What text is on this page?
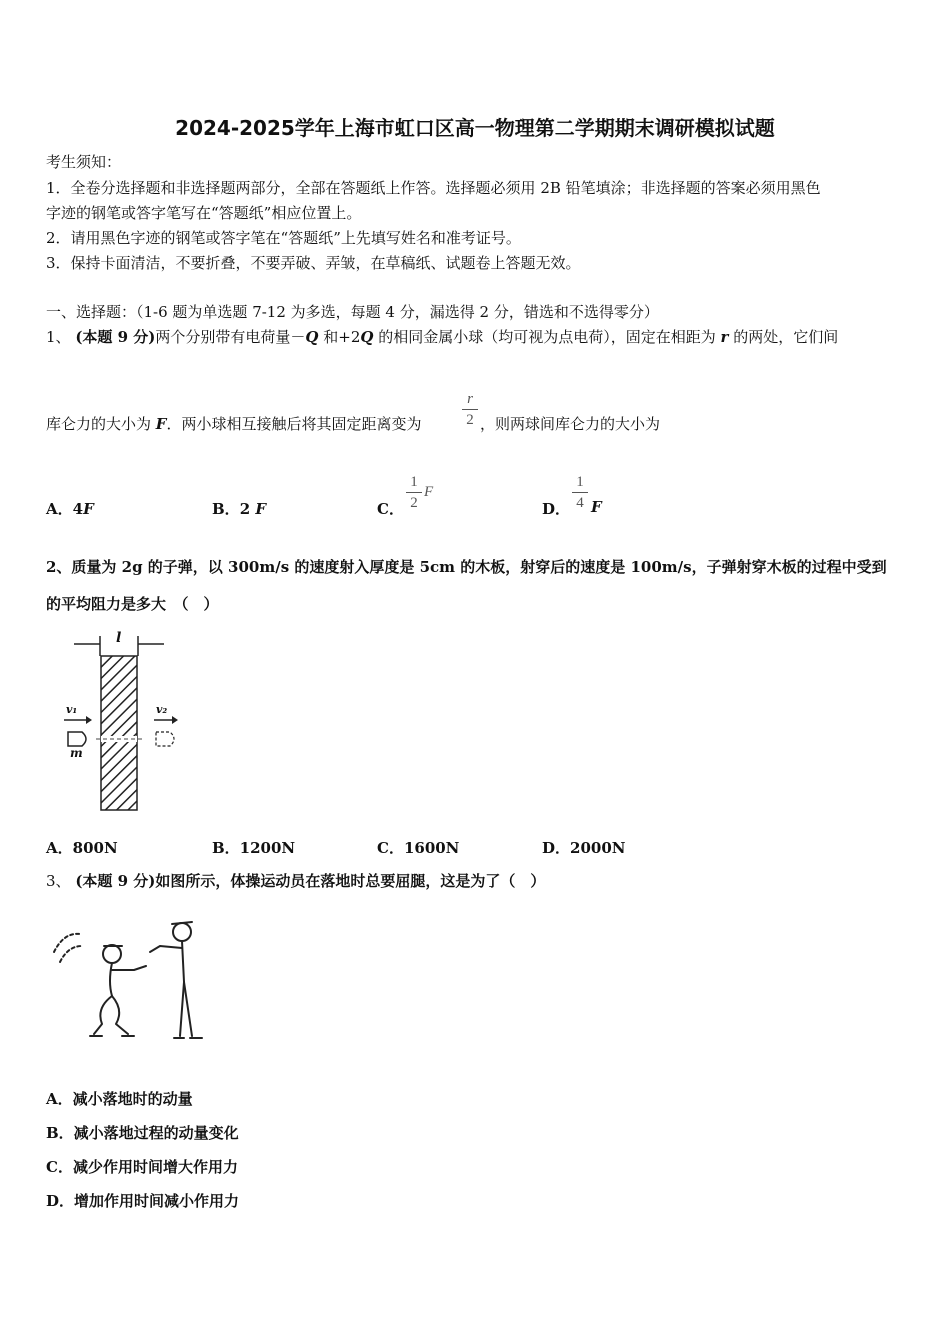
2024-2025学年上海市虹口区高一物理第二学期期末调研模拟试题
考生须知：
1．全卷分选择题和非选择题两部分，全部在答题纸上作答。选择题必须用 2B 铅笔填涂；非选择题的答案必须用黑色
字迹的钢笔或答字笔写在“答题纸”相应位置上。
2．请用黑色字迹的钢笔或答字笔在“答题纸”上先填写姓名和准考证号。
3．保持卡面清洁，不要折叠，不要弄破、弄皱，在草稿纸、试题卷上答题无效。
一、选择题：（1-6 题为单选题 7-12 为多选，每题 4 分，漏选得 2 分，错选和不选得零分）
1、 (本题 9 分)两个分别带有电荷量－Q 和+2Q 的相同金属小球（均可视为点电荷），固定在相距为 r 的两处，它们间
库仑力的大小为 F．两小球相互接触后将其固定距离变为
r
2 ，则两球间库仑力的大小为
A．4F	B．2 F	C．
1
2
F
D．
1
4 F
2、质量为 2g 的子弹，以 300m/s 的速度射入厚度是 5cm 的木板，射穿后的速度是 100m/s，子弹射穿木板的过程中受到
的平均阻力是多大　（　）
l
v₁	v₂
m
A．800N	B．1200N	C．1600N	D．2000N
3、 (本题 9 分)如图所示，体操运动员在落地时总要屈腿，这是为了（　）
A．减小落地时的动量
B．减小落地过程的动量变化
C．减少作用时间增大作用力
D．增加作用时间减小作用力
